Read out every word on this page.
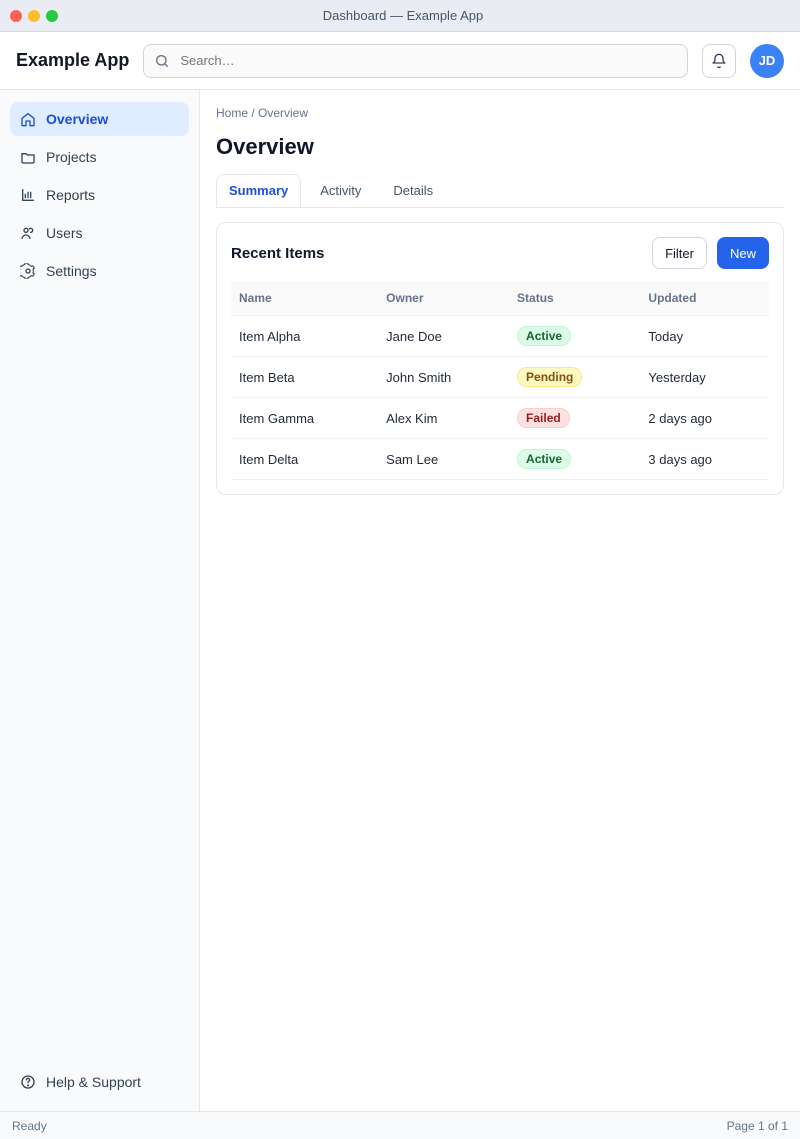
Dashboard — Example App
Example App
Search…	JD
Overview
Projects
Reports
Users
Settings
Help & Support
Home / Overview
Overview
Summary	Activity	Details
Recent Items	Filter	New
Name	Owner	Status	Updated
Item Alpha	Jane Doe	Active	Today
Item Beta	John Smith	Pending	Yesterday
Item Gamma	Alex Kim	Failed	2 days ago
Item Delta	Sam Lee	Active	3 days ago
Ready	Page 1 of 1
